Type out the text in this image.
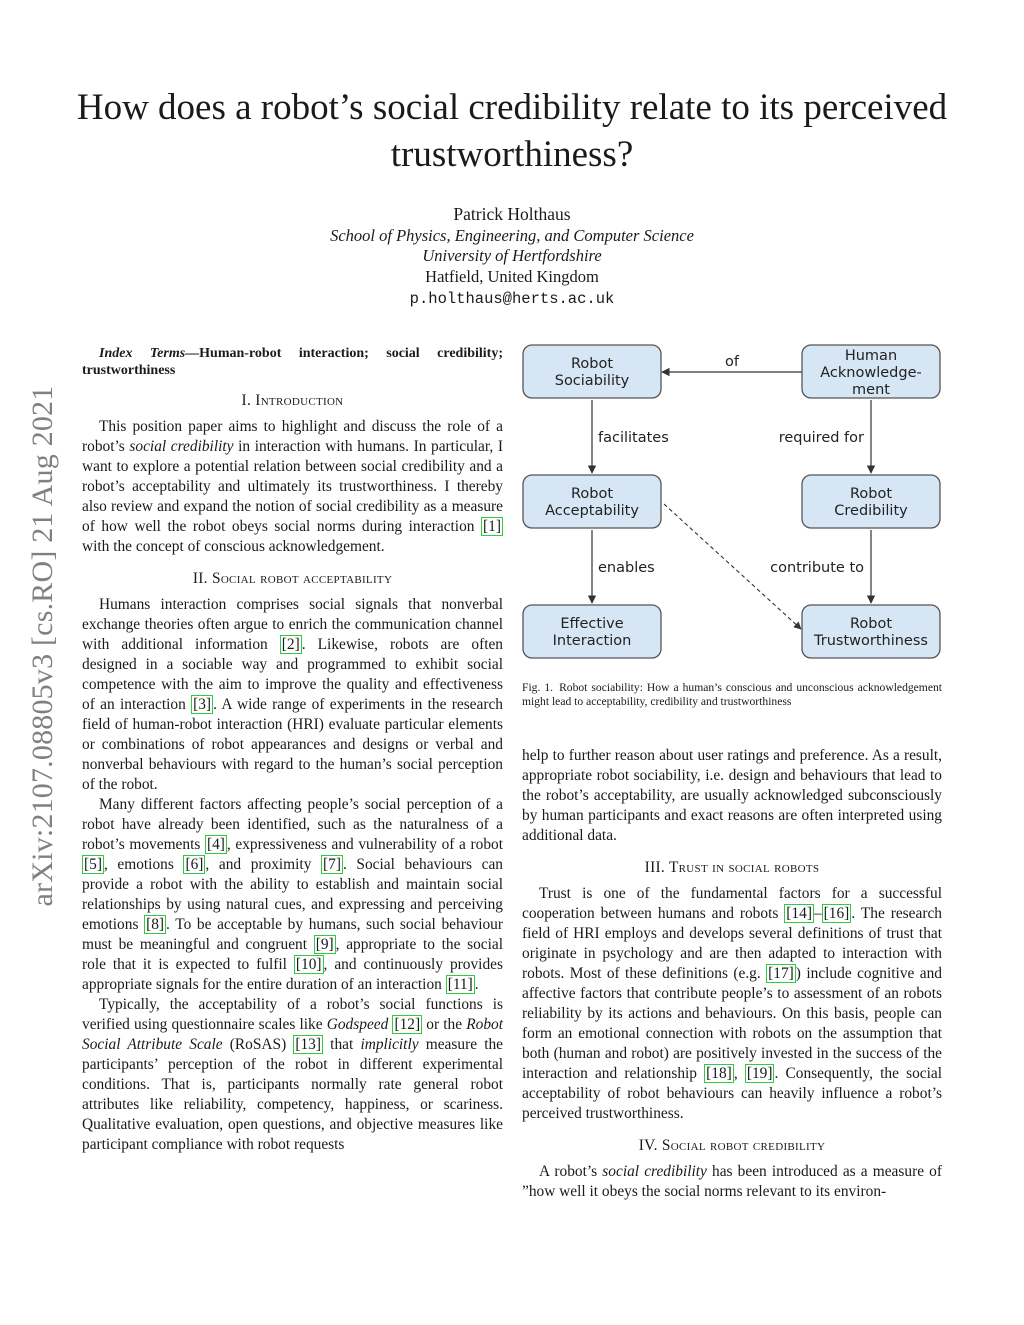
arXiv:2107.08805v3 [cs.RO] 21 Aug 2021
How does a robot’s social credibility relate to its perceived trustworthiness?
Patrick Holthaus
School of Physics, Engineering, and Computer Science
University of Hertfordshire
Hatfield, United Kingdom
p.holthaus@herts.ac.uk

Index Terms—Human-robot interaction; social credibility; trustworthiness

I. Introduction

This position paper aims to highlight and discuss the role of a robot’s social credibility in interaction with humans. In particular, I want to explore a potential relation between social credibility and a robot’s acceptability and ultimately its trustworthiness. I thereby also review and expand the notion of social credibility as a measure of how well the robot obeys social norms during interaction [1] with the concept of conscious acknowledgement.

II. Social robot acceptability

Humans interaction comprises social signals that nonverbal exchange theories often argue to enrich the communication channel with additional information [2] . Likewise, robots are often designed in a sociable way and programmed to exhibit social competence with the aim to improve the quality and effectiveness of an interaction [3] . A wide range of experiments in the research field of human-robot interaction (HRI) evaluate particular elements or combinations of robot appearances and designs or verbal and nonverbal behaviours with regard to the human’s social perception of the robot.

Many different factors affecting people’s social perception of a robot have already been identified, such as the naturalness of a robot’s movements [4] , expressiveness and vulnerability of a robot [5] , emotions [6] , and proximity [7] . Social behaviours can provide a robot with the ability to establish and maintain social relationships by using natural cues, and expressing and perceiving emotions [8] . To be acceptable by humans, such social behaviour must be meaningful and congruent [9] , appropriate to the social role that it is expected to fulfil [10] , and continuously provides appropriate signals for the entire duration of an interaction [11] .

Typically, the acceptability of a robot’s social functions is verified using questionnaire scales like Godspeed [12] or the Robot Social Attribute Scale (RoSAS) [13] that implicitly measure the participants’ perception of the robot in different experimental conditions. That is, participants normally rate general robot attributes like reliability, competency, happiness, or scariness. Qualitative evaluation, open questions, and objective measures like participant compliance with robot requests

of
facilitates	required for
enables	contribute to
Robot
Sociability
Human
Acknowledge-
ment
Robot
Acceptability
Robot
Credibility
Effective
Interaction
Robot
Trustworthiness
Fig. 1. Robot sociability: How a human’s conscious and unconscious acknowledgement might lead to acceptability, credibility and trustworthiness

help to further reason about user ratings and preference. As a result, appropriate robot sociability, i.e. design and behaviours that lead to the robot’s acceptability, are usually acknowledged subconsciously by human participants and exact reasons are often interpreted using additional data.

III. Trust in social robots

Trust is one of the fundamental factors for a successful cooperation between humans and robots [14] – [16] . The research field of HRI employs and develops several definitions of trust that originate in psychology and are then adapted to interaction with robots. Most of these definitions (e.g. [17] ) include cognitive and affective factors that contribute people’s to assessment of an robots reliability by its actions and behaviours. On this basis, people can form an emotional connection with robots on the assumption that both (human and robot) are positively invested in the success of the interaction and relationship [18] , [19] . Consequently, the social acceptability of robot behaviours can heavily influence a robot’s perceived trustworthiness.

IV. Social robot credibility

A robot’s social credibility has been introduced as a measure of ”how well it obeys the social norms relevant to its environ-
